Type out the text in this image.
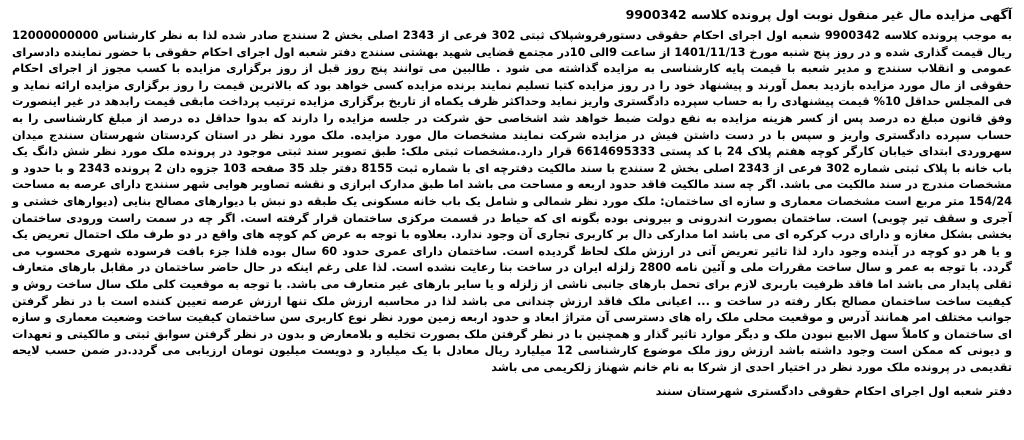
آگهی مزایده مال غیر منقول نوبت اول پرونده کلاسه 9900342

به موجب پرونده کلاسه 9900342 شعبه اول اجرای احکام حقوقی دستورفروشپلاک ثبتی 302 فرعی از 2343 اصلی بخش 2 سنندج صادر شده لذا به نظر کارشناس 12000000000 ریال قیمت گذاری شده و در روز پنج شنبه مورخ 1401/11/13 از ساعت 9الی 10در مجتمع قضایی شهید بهشتی سنندج دفتر شعبه اول اجرای احکام حقوقی با حضور نماینده دادسرای عمومی و انقلاب سنندج و مدیر شعبه با قیمت پایه کارشناسی به مزایده گذاشته می شود . طالبین می توانند پنج روز قبل از روز برگزاری مزایده با کسب مجوز از اجرای احکام حقوقی از مال مورد مزایده بازدید بعمل آورند و پیشنهاد خود را در روز مزایده کتبا تسلیم نمایند برنده مزایده کسی خواهد بود که بالاترین قیمت را روز برگزاری مزایده ارائه نماید و فی المجلس حداقل 10% قیمت پیشنهادی را به حساب سپرده دادگستری واریز نماید وحداکثر ظرف یکماه از تاریخ برگزاری مزایده ترتیب پرداخت مابقی قیمت رابدهد در غیر اینصورت وفق قانون مبلغ ده درصد پس از کسر هزینه مزایده به نفع دولت ضبط خواهد شد اشخاصی حق شرکت در جلسه مزایده را دارند که بدوا حداقل ده درصد از مبلغ کارشناسی را به حساب سپرده دادگستری واریز و سپس با در دست داشتن فیش در مزایده شرکت نمایند مشخصات مال مورد مزایده. ملک مورد نظر در استان کردستان شهرستان سنندج میدان سهروردی ابتدای خیابان کارگر کوچه هفتم پلاک 24 با کد پستی 6614695333 قرار دارد.مشخصات ثبتی ملک: طبق تصویر سند ثبتی موجود در پرونده ملک مورد نظر شش دانگ یک باب خانه با پلاک ثبتی شماره 302 فرعی از 2343 اصلی بخش 2 سنندج با سند مالکیت دفترچه ای با شماره ثبت 8155 دفتر جلد 35 صفحه 103 جزوه دان 2 پرونده 2343 و با حدود و مشخصات مندرج در سند مالکیت می باشد. اگر چه سند مالکیت فاقد حدود اربعه و مساحت می باشد اما طبق مدارک ابرازی و نقشه تصاویر هوایی شهر سنندج دارای عرصه به مساحت 154/24 متر مربع است مشخصات معماری و سازه ای ساختمان: ملک مورد نظر شمالی و شامل یک باب خانه مسکونی یک طبقه دو نبش با دیوارهای مصالح بنایی (دیوارهای خشتی و آجری و سقف تیر چوبی) است. ساختمان بصورت اندرونی و بیرونی بوده بگونه ای که حیاط در قسمت مرکزی ساختمان قرار گرفته است. اگر چه در سمت راست ورودی ساختمان بخشی بشکل مغازه و دارای درب کرکره ای می باشد اما مدارکی دال بر کاربری تجاری آن وجود ندارد. بعلاوه با توجه به عرض کم کوچه های واقع در دو طرف ملک احتمال تعریض یک و یا هر دو کوچه در آینده وجود دارد لذا تاثیر تعریض آتی در ارزش ملک لحاظ گردیده است. ساختمان دارای عمری حدود 60 سال بوده فلذا جزء بافت فرسوده شهری محسوب می گردد. با توجه به عمر و سال ساخت مقررات ملی و آئین نامه 2800 زلزله ایران در ساخت بنا رعایت نشده است. لذا علی رغم اینکه در حال حاضر ساختمان در مقابل بارهای متعارف ثقلی پایدار می باشد اما فاقد ظرفیت باربری لازم برای تحمل بارهای جانبی ناشی از زلزله و یا سایر بارهای غیر متعارف می باشد. با توجه به موقعیت کلی ملک سال ساخت روش و کیفیت ساخت ساختمان مصالح بکار رفته در ساخت و ... اعیانی ملک فاقد ارزش چندانی می باشد لذا در محاسبه ارزش ملک تنها ارزش عرصه تعیین کننده است با در نظر گرفتن جوانب مختلف امر همانند آدرس و موقعیت محلی ملک راه های دسترسی آن متراژ ابعاد و حدود اربعه زمین مورد نظر نوع کاربری سن ساختمان کیفیت ساخت وضعیت معماری و سازه ای ساختمان و کاملاً سهل الابیع نبودن ملک و دیگر موارد تاثیر گذار و همچنین با در نظر گرفتن ملک بصورت تخلیه و بلامعارض و بدون در نظر گرفتن سوابق ثبتی و مالکیتی و تعهدات و دیونی که ممکن است وجود داشته باشد ارزش روز ملک موضوع کارشناسی 12 میلیارد ریال معادل با یک میلیارد و دویست میلیون تومان ارزیابی می گردد.در ضمن حسب لایحه تقدیمی در پرونده ملک مورد نظر در اختیار احدی از شرکا به نام خانم شهناز زلکریمی می باشد

دفتر شعبه اول اجرای احکام حقوقی دادگستری شهرستان سنند
